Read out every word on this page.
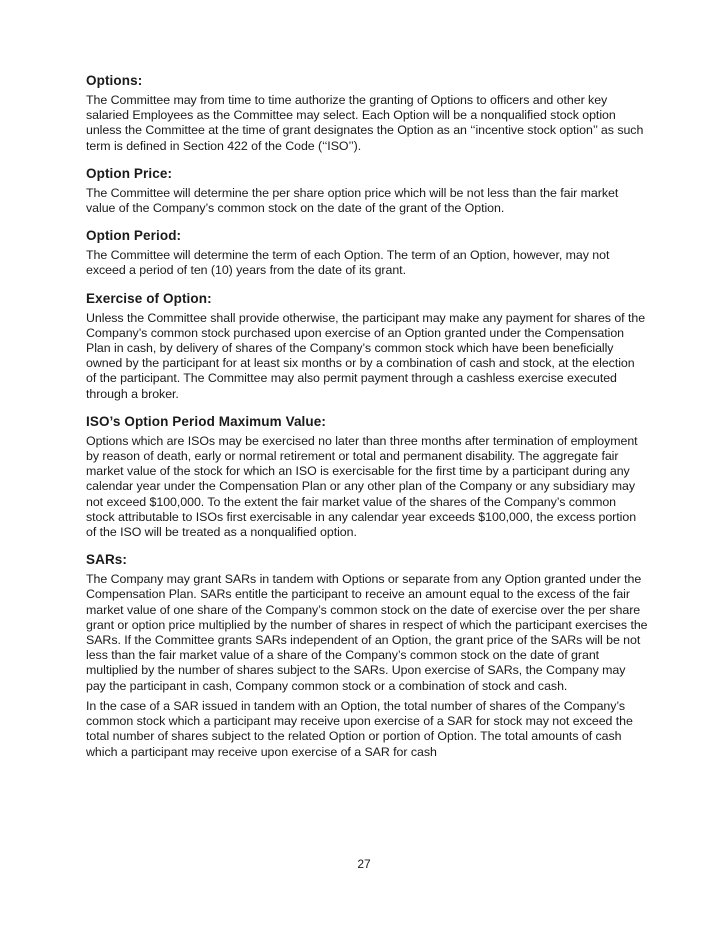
Options:
The Committee may from time to time authorize the granting of Options to officers and other key salaried Employees as the Committee may select. Each Option will be a nonqualified stock option unless the Committee at the time of grant designates the Option as an ‘‘incentive stock option’’ as such term is defined in Section 422 of the Code (‘‘ISO’’).
Option Price:
The Committee will determine the per share option price which will be not less than the fair market value of the Company’s common stock on the date of the grant of the Option.
Option Period:
The Committee will determine the term of each Option. The term of an Option, however, may not exceed a period of ten (10) years from the date of its grant.
Exercise of Option:
Unless the Committee shall provide otherwise, the participant may make any payment for shares of the Company’s common stock purchased upon exercise of an Option granted under the Compensation Plan in cash, by delivery of shares of the Company’s common stock which have been beneficially owned by the participant for at least six months or by a combination of cash and stock, at the election of the participant. The Committee may also permit payment through a cashless exercise executed through a broker.
ISO’s Option Period Maximum Value:
Options which are ISOs may be exercised no later than three months after termination of employment by reason of death, early or normal retirement or total and permanent disability. The aggregate fair market value of the stock for which an ISO is exercisable for the first time by a participant during any calendar year under the Compensation Plan or any other plan of the Company or any subsidiary may not exceed $100,000. To the extent the fair market value of the shares of the Company’s common stock attributable to ISOs first exercisable in any calendar year exceeds $100,000, the excess portion of the ISO will be treated as a nonqualified option.
SARs:
The Company may grant SARs in tandem with Options or separate from any Option granted under the Compensation Plan. SARs entitle the participant to receive an amount equal to the excess of the fair market value of one share of the Company’s common stock on the date of exercise over the per share grant or option price multiplied by the number of shares in respect of which the participant exercises the SARs. If the Committee grants SARs independent of an Option, the grant price of the SARs will be not less than the fair market value of a share of the Company’s common stock on the date of grant multiplied by the number of shares subject to the SARs. Upon exercise of SARs, the Company may pay the participant in cash, Company common stock or a combination of stock and cash.
In the case of a SAR issued in tandem with an Option, the total number of shares of the Company’s common stock which a participant may receive upon exercise of a SAR for stock may not exceed the total number of shares subject to the related Option or portion of Option. The total amounts of cash which a participant may receive upon exercise of a SAR for cash
27
